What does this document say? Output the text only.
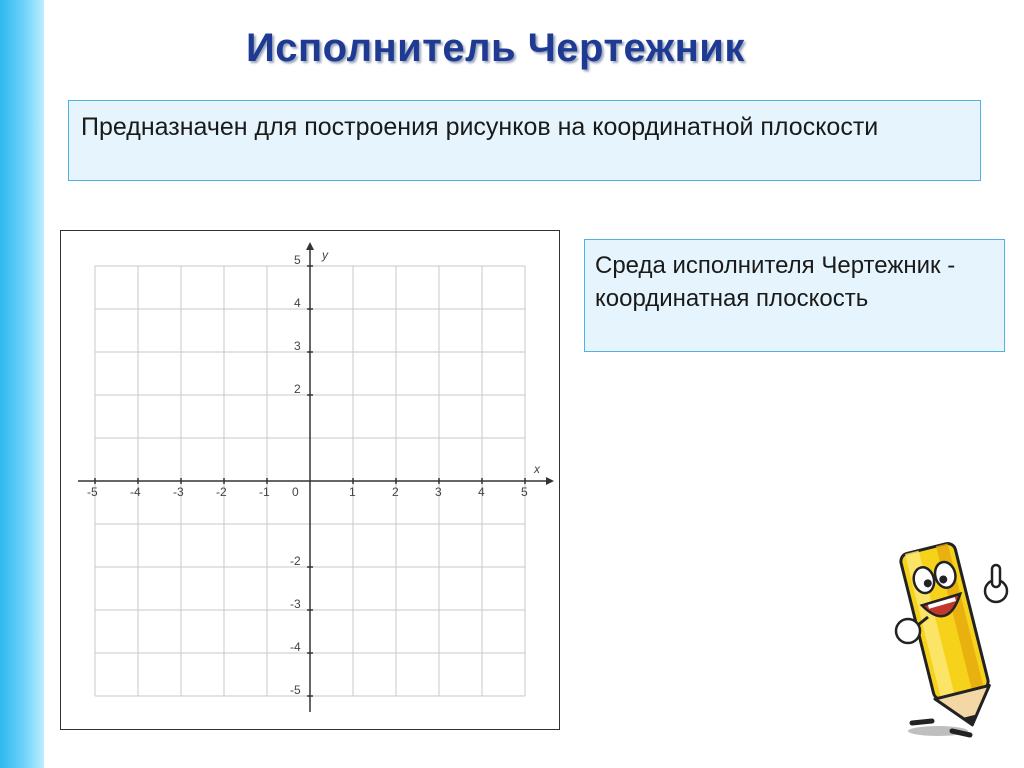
Исполнитель Чертежник
Предназначен для построения рисунков на координатной плоскости
-5	-4	-3	-2	-1	1	2	3	4	5
5
4
3
2
-2
-3
-4
-5
x
y
0
Среда исполнителя Чертежник - координатная плоскость
